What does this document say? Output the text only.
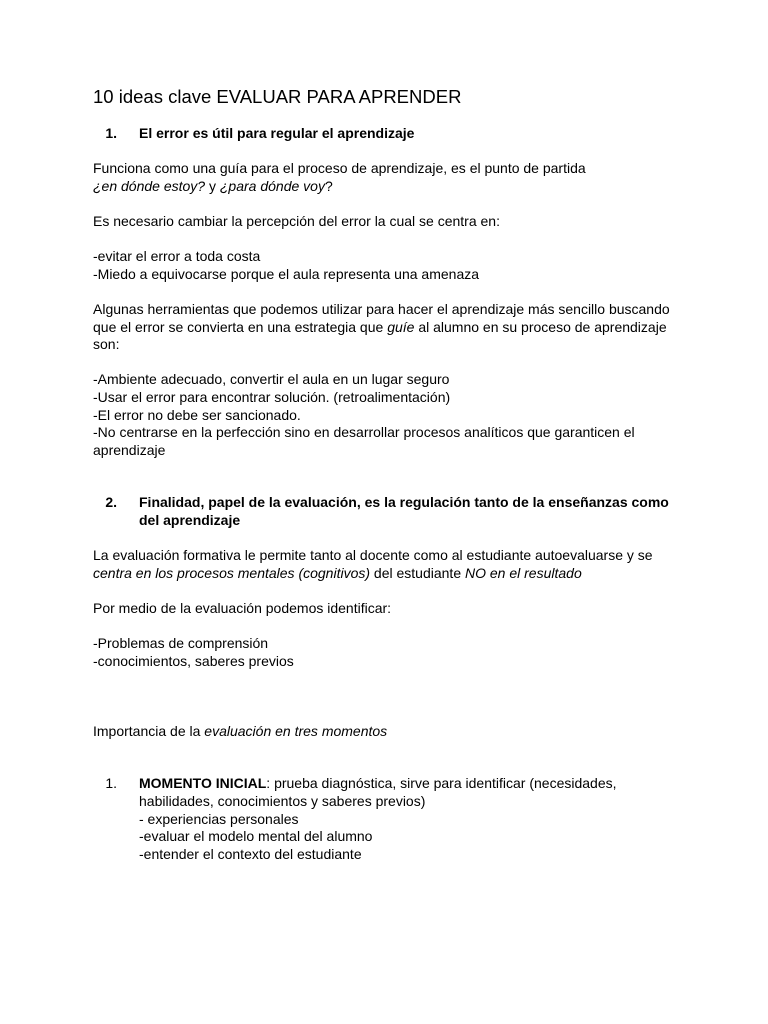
10 ideas clave EVALUAR PARA APRENDER
1.	El error es útil para regular el aprendizaje

Funciona como una guía para el proceso de aprendizaje, es el punto de partida
¿en dónde estoy? y ¿para dónde voy?

Es necesario cambiar la percepción del error la cual se centra en:

-evitar el error a toda costa

-Miedo a equivocarse porque el aula representa una amenaza

Algunas herramientas que podemos utilizar para hacer el aprendizaje más sencillo buscando que el error se convierta en una estrategia que guíe al alumno en su proceso de aprendizaje son:

-Ambiente adecuado, convertir el aula en un lugar seguro

-Usar el error para encontrar solución. (retroalimentación)

-El error no debe ser sancionado.

-No centrarse en la perfección sino en desarrollar procesos analíticos que garanticen el aprendizaje

2.	Finalidad, papel de la evaluación, es la regulación tanto de la enseñanzas como del aprendizaje

La evaluación formativa le permite tanto al docente como al estudiante autoevaluarse y se centra en los procesos mentales (cognitivos) del estudiante NO en el resultado

Por medio de la evaluación podemos identificar:

-Problemas de comprensión

-conocimientos, saberes previos

Importancia de la evaluación en tres momentos

1.	MOMENTO INICIAL: prueba diagnóstica, sirve para identificar (necesidades, habilidades, conocimientos y saberes previos)

- experiencias personales

-evaluar el modelo mental del alumno

-entender el contexto del estudiante
